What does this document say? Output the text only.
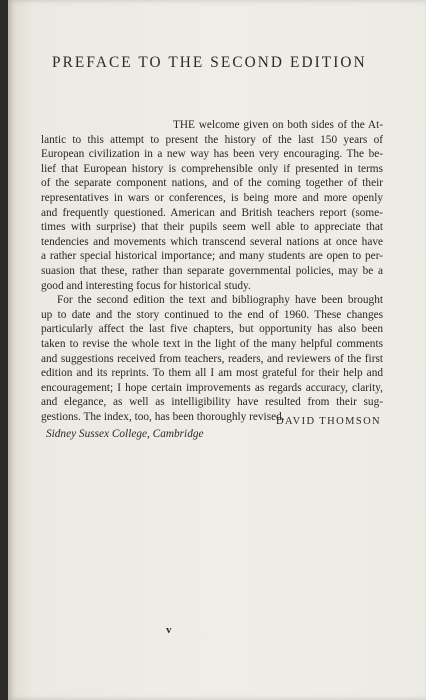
PREFACE TO THE SECOND EDITION
THE welcome given on both sides of the At-
lantic to this attempt to present the history of the last 150 years of
European civilization in a new way has been very encouraging. The be-
lief that European history is comprehensible only if presented in terms
of the separate component nations, and of the coming together of their
representatives in wars or conferences, is being more and more openly
and frequently questioned. American and British teachers report (some-
times with surprise) that their pupils seem well able to appreciate that
tendencies and movements which transcend several nations at once have
a rather special historical importance; and many students are open to per-
suasion that these, rather than separate governmental policies, may be a
good and interesting focus for historical study.
For the second edition the text and bibliography have been brought
up to date and the story continued to the end of 1960. These changes
particularly affect the last five chapters, but opportunity has also been
taken to revise the whole text in the light of the many helpful comments
and suggestions received from teachers, readers, and reviewers of the first
edition and its reprints. To them all I am most grateful for their help and
encouragement; I hope certain improvements as regards accuracy, clarity,
and elegance, as well as intelligibility have resulted from their sug-
gestions. The index, too, has been thoroughly revised.
DAVID THOMSON
Sidney Sussex College, Cambridge
v
